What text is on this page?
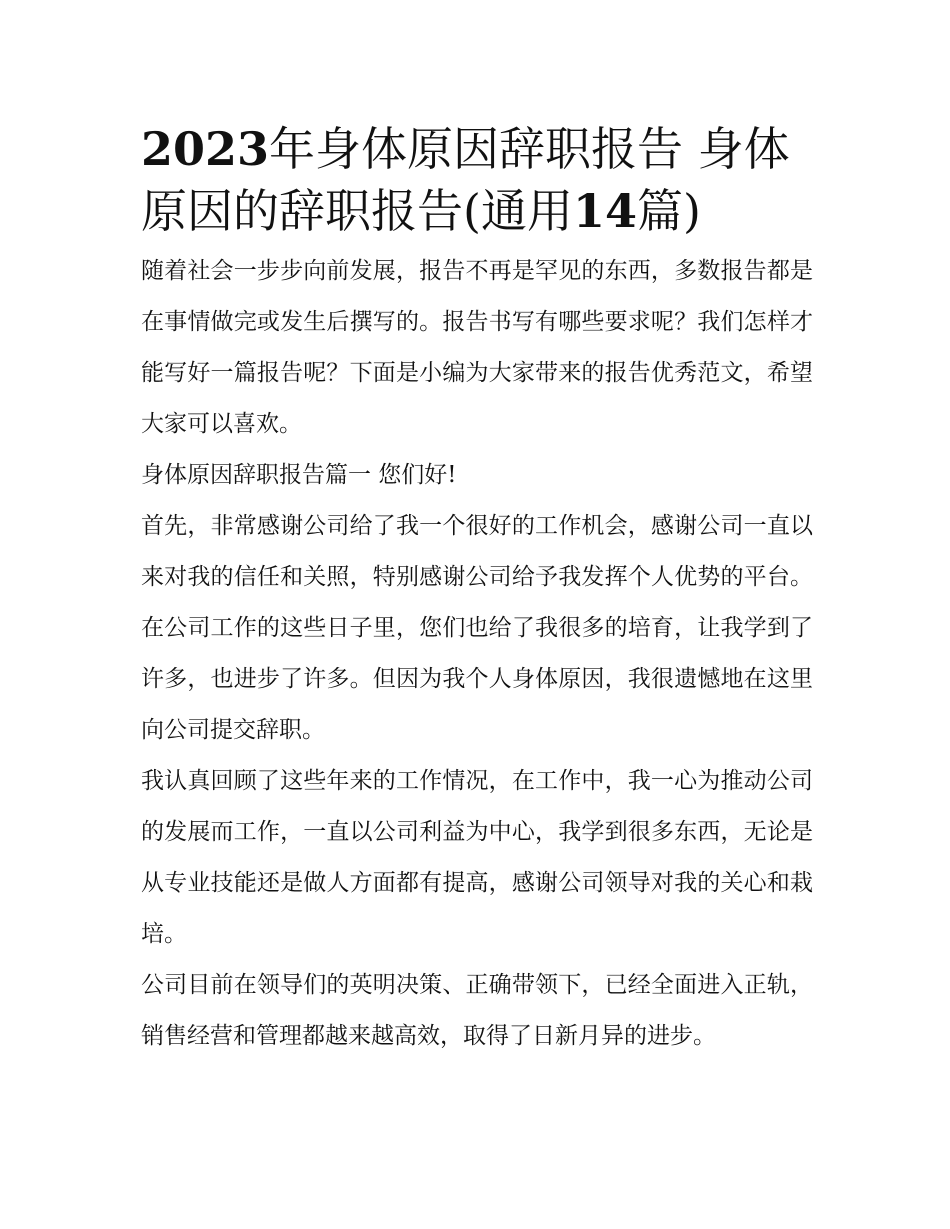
2023年身体原因辞职报告 身体原因的辞职报告(通用14篇)

随着社会一步步向前发展，报告不再是罕见的东西，多数报告都是在事情做完或发生后撰写的。报告书写有哪些要求呢？我们怎样才能写好一篇报告呢？下面是小编为大家带来的报告优秀范文，希望大家可以喜欢。

身体原因辞职报告篇一 您们好!

首先，非常感谢公司给了我一个很好的工作机会，感谢公司一直以来对我的信任和关照，特别感谢公司给予我发挥个人优势的平台。在公司工作的这些日子里，您们也给了我很多的培育，让我学到了许多，也进步了许多。但因为我个人身体原因，我很遗憾地在这里向公司提交辞职。

我认真回顾了这些年来的工作情况，在工作中，我一心为推动公司的发展而工作，一直以公司利益为中心，我学到很多东西，无论是从专业技能还是做人方面都有提高，感谢公司领导对我的关心和栽培。

公司目前在领导们的英明决策、正确带领下，已经全面进入正轨，销售经营和管理都越来越高效，取得了日新月异的进步。
